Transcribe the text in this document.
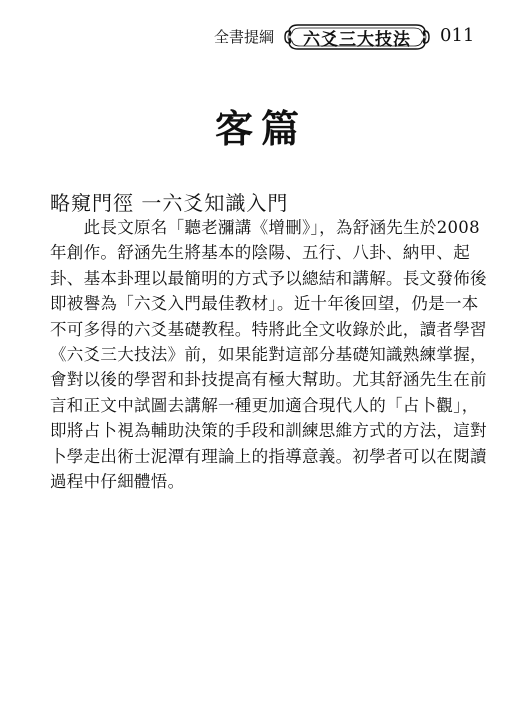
全書提綱	六爻三大技法	011
客篇
略窺門徑 一六爻知識入門
　　此長文原名「聽老瀰講《增刪》」，為舒涵先生於2008
年創作。舒涵先生將基本的陰陽、五行、八卦、納甲、起
卦、基本卦理以最簡明的方式予以總結和講解。長文發佈後
即被譽為「六爻入門最佳教材」。近十年後回望，仍是一本
不可多得的六爻基礎教程。特將此全文收錄於此，讀者學習
《六爻三大技法》前，如果能對這部分基礎知識熟練掌握，
會對以後的學習和卦技提高有極大幫助。尤其舒涵先生在前
言和正文中試圖去講解一種更加適合現代人的「占卜觀」，
即將占卜視為輔助決策的手段和訓練思維方式的方法，這對
卜學走出術士泥潭有理論上的指導意義。初學者可以在閱讀
過程中仔細體悟。
